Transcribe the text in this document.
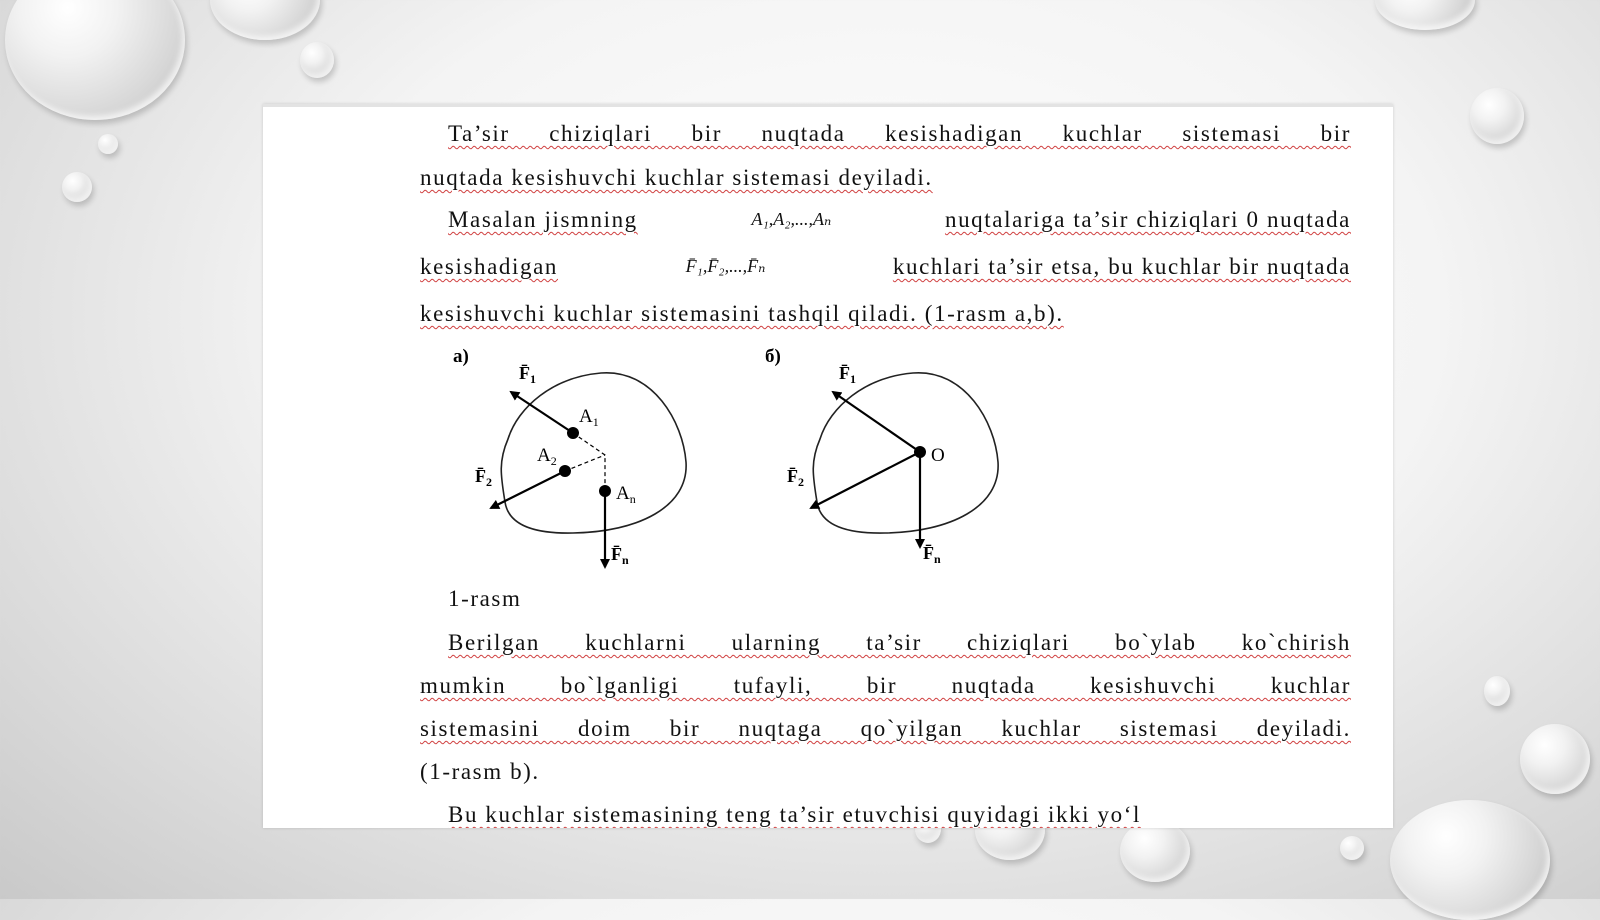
Ta’sir chiziqlari bir nuqtada kesishadigan kuchlar sistemasi bir
nuqtada kesishuvchi kuchlar sistemasi deyiladi.

Masalan jismning	A₁,A₂,...,Aₙ	nuqtalariga ta’sir chiziqlari 0 nuqtada
kesishadigan	F̄₁,F̄₂,...,F̄ₙ	kuchlari ta’sir etsa, bu kuchlar bir nuqtada
kesishuvchi kuchlar sistemasini tashqil qiladi. (1-rasm a,b).

а)
$F̄_1$
$F̄_2$
$F̄_n$
$A_1$
$A_2$
$A_n$
б)
$F̄_1$
$F̄_2$
$F̄_n$
O

1-rasm

Berilgan kuchlarni ularning ta’sir chiziqlari bo`ylab ko`chirish
mumkin bo`lganligi tufayli, bir nuqtada kesishuvchi kuchlar
sistemasini doim bir nuqtaga qo`yilgan kuchlar sistemasi deyiladi.
(1-rasm b).

Bu kuchlar sistemasining teng ta’sir etuvchisi quyidagi ikki yo‘l
